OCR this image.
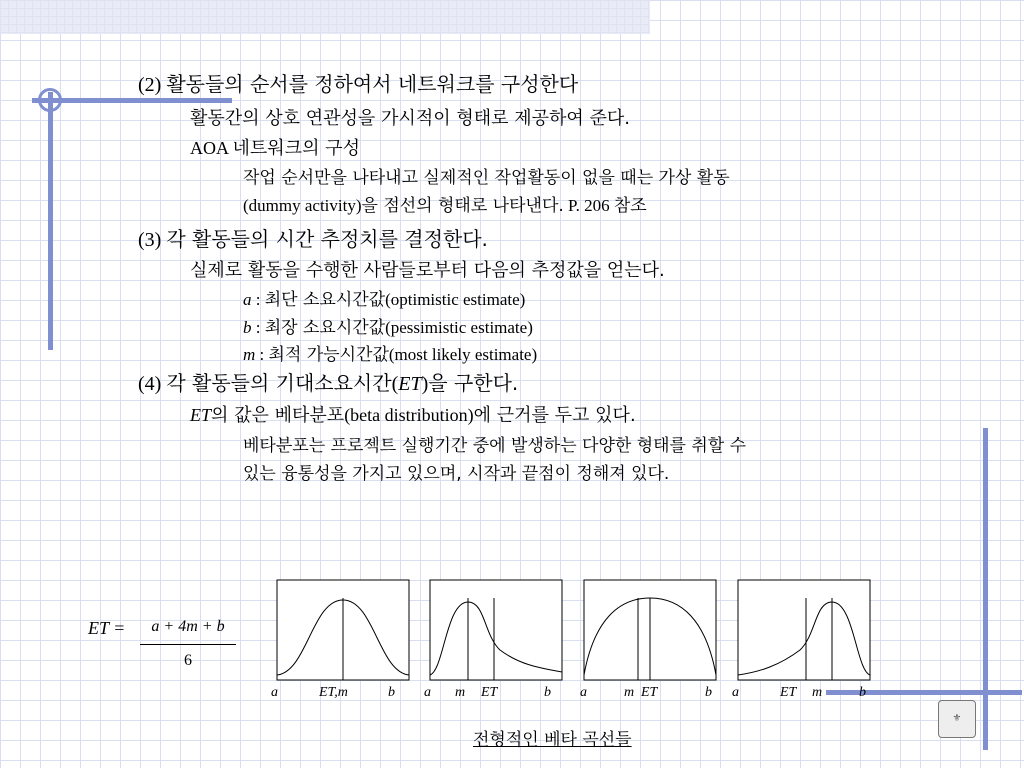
(2) 활동들의 순서를 정하여서 네트워크를 구성한다
활동간의 상호 연관성을 가시적이 형태로 제공하여 준다.
AOA 네트워크의 구성
작업 순서만을 나타내고 실제적인 작업활동이 없을 때는 가상 활동
(dummy activity)을 점선의 형태로 나타낸다. P. 206 참조
(3) 각 활동들의 시간 추정치를 결정한다.
실제로 활동을 수행한 사람들로부터 다음의 추정값을 얻는다.
a : 최단 소요시간값(optimistic estimate)
b : 최장 소요시간값(pessimistic estimate)
m : 최적 가능시간값(most likely estimate)
(4) 각 활동들의 기대소요시간(ET)을 구한다.
ET의 값은 베타분포(beta distribution)에 근거를 두고 있다.
베타분포는 프로젝트 실행기간 중에 발생하는 다양한 형태를 취할 수
있는 융통성을 가지고 있으며, 시작과 끝점이 정해져 있다.
ET =	a + 4m + b
6
a	ET,m	b a m ET	b a	m ET	b a	ET m	b
전형적인 베타 곡선들
⚜
